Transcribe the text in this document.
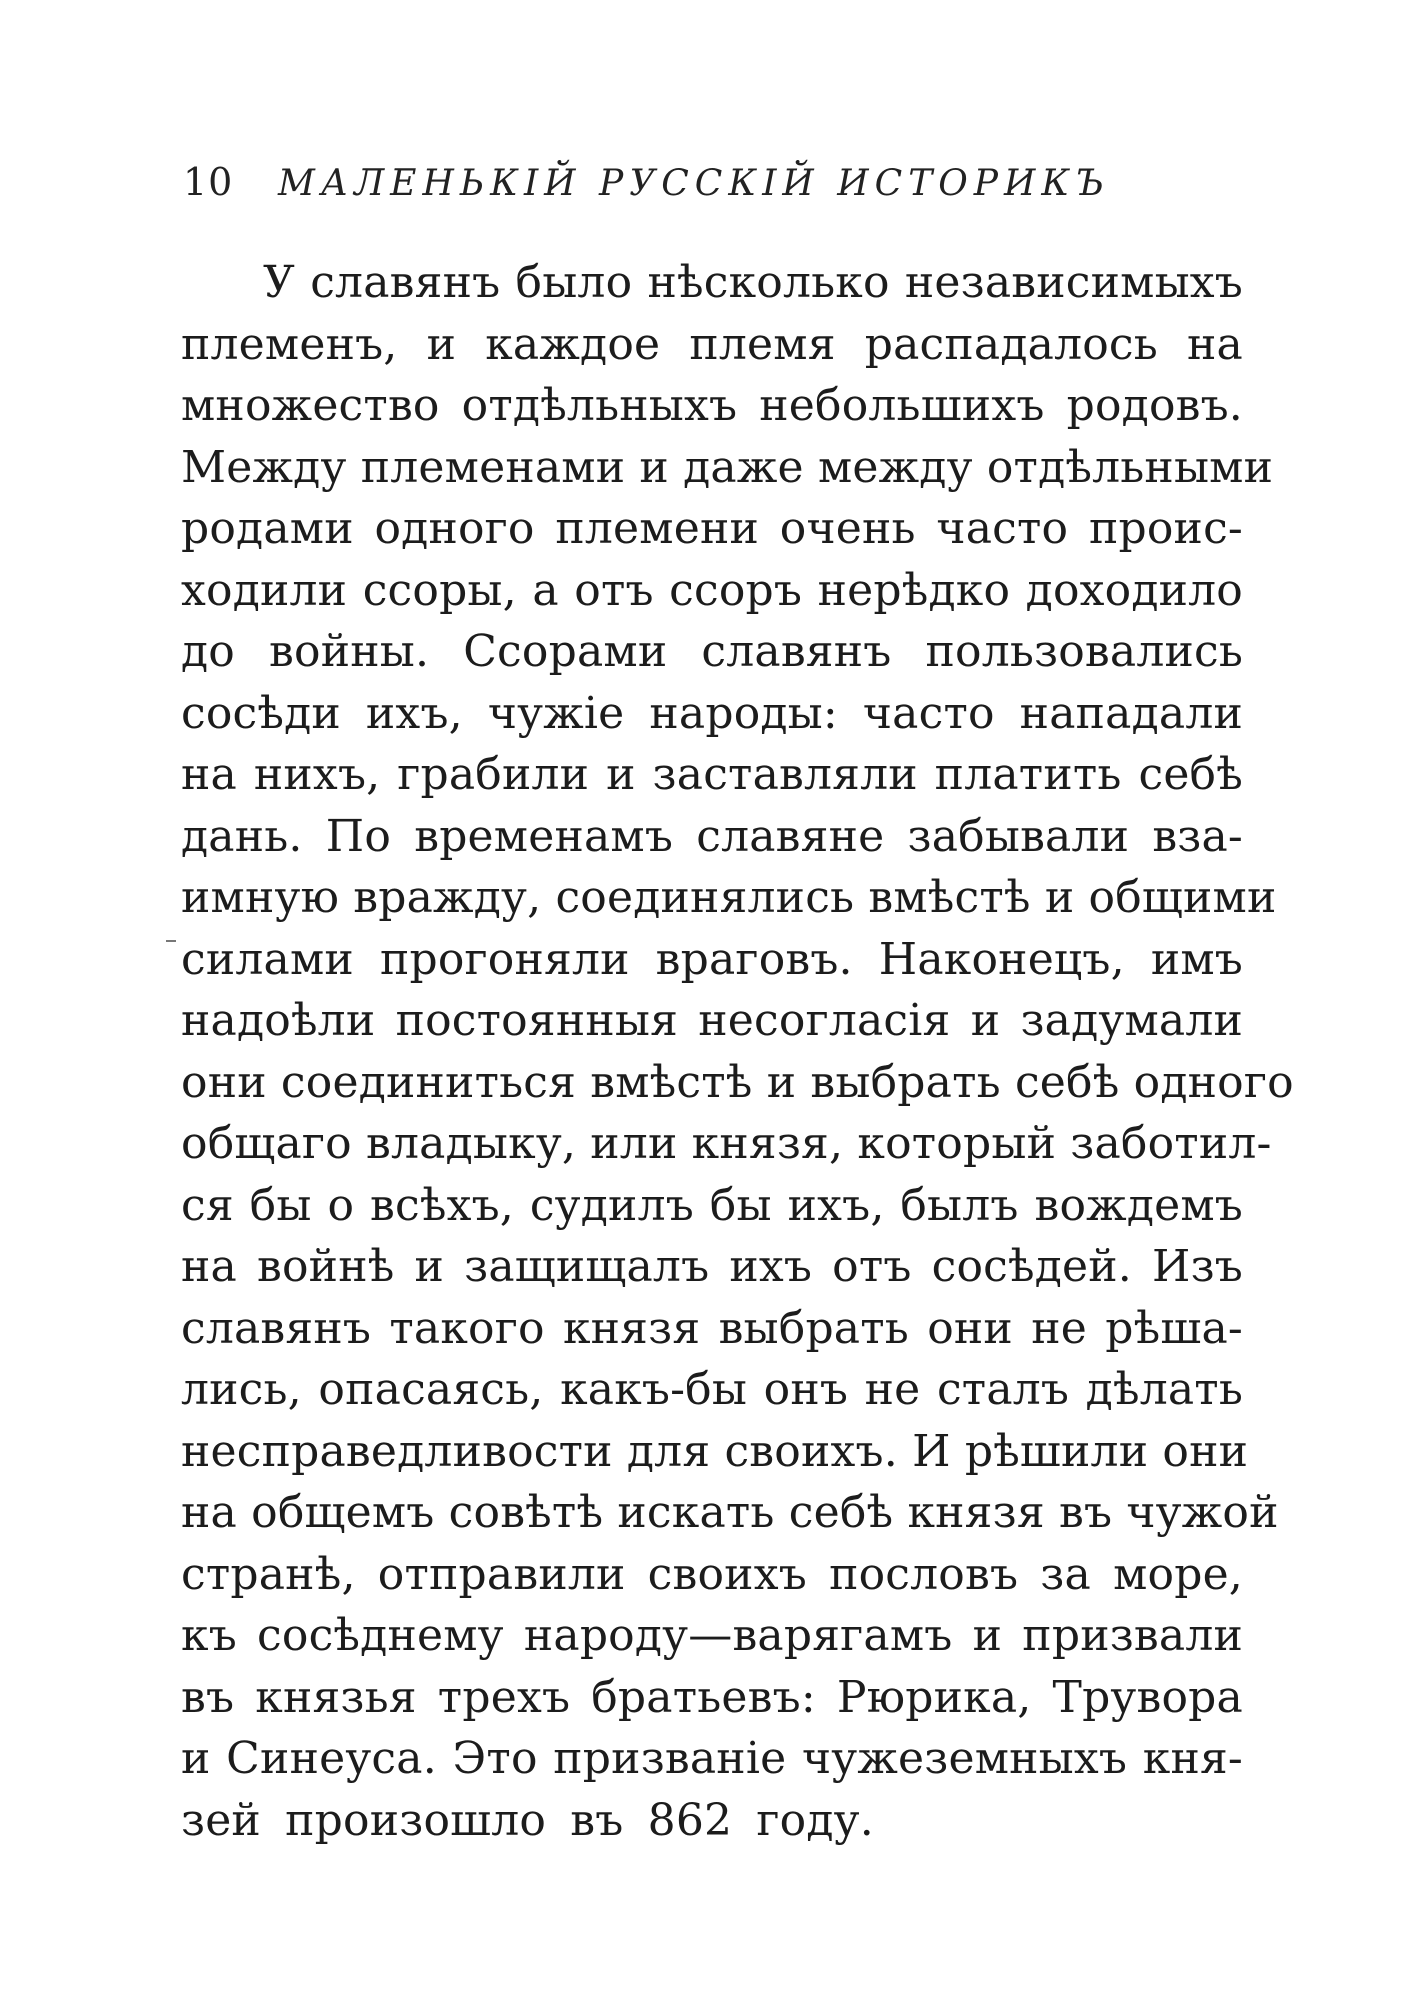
10	МАЛЕНЬКІЙ РУССКІЙ ИСТОРИКЪ
У славянъ было нѣсколько независимыхъ
племенъ, и каждое племя распадалось на
множество отдѣльныхъ небольшихъ родовъ.
Между племенами и даже между отдѣльными
родами одного племени очень часто проис-
ходили ссоры, а отъ ссоръ нерѣдко доходило
до войны. Ссорами славянъ пользовались
сосѣди ихъ, чужіе народы: часто нападали
на нихъ, грабили и заставляли платить себѣ
дань. По временамъ славяне забывали вза-
имную вражду, соединялись вмѣстѣ и общими
силами прогоняли враговъ. Наконецъ, имъ
надоѣли постоянныя несогласія и задумали
они соединиться вмѣстѣ и выбрать себѣ одного
общаго владыку, или князя, который заботил-
ся бы о всѣхъ, судилъ бы ихъ, былъ вождемъ
на войнѣ и защищалъ ихъ отъ сосѣдей. Изъ
славянъ такого князя выбрать они не рѣша-
лись, опасаясь, какъ-бы онъ не сталъ дѣлать
несправедливости для своихъ. И рѣшили они
на общемъ совѣтѣ искать себѣ князя въ чужой
странѣ, отправили своихъ пословъ за море,
къ сосѣднему народу—варягамъ и призвали
въ князья трехъ братьевъ: Рюрика, Трувора
и Синеуса. Это призваніе чужеземныхъ кня-
зей произошло въ 862 году.
